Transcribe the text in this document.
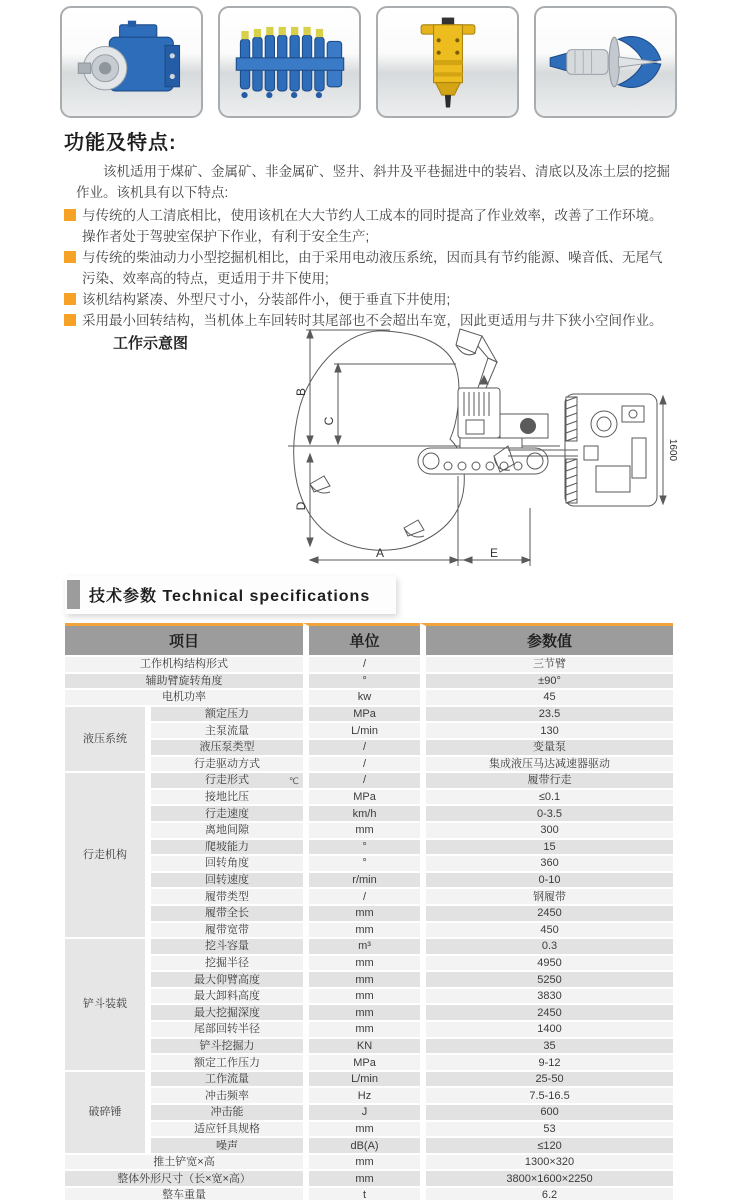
功能及特点:

该机适用于煤矿、金属矿、非金属矿、竖井、斜井及平巷掘进中的装岩、清底以及冻土层的挖掘作业。该机具有以下特点:

与传统的人工清底相比，使用该机在大大节约人工成本的同时提高了作业效率，改善了工作环境。操作者处于驾驶室保护下作业，有利于安全生产;
与传统的柴油动力小型挖掘机相比，由于采用电动液压系统，因而具有节约能源、噪音低、无尾气污染、效率高的特点，更适用于井下使用;
该机结构紧凑、外型尺寸小，分装部件小，便于垂直下井使用;
采用最小回转结构，当机体上车回转时其尾部也不会超出车宽，因此更适用与井下狭小空间作业。
工作示意图
B
C
D
A	E
1600
技术参数 Technical specifications
项目		单位	参数值
工作机构结构形式		/	三节臂
辅助臂旋转角度		°	±90°
电机功率		kw	45
液压系统	额定压力	MPa	23.5
	主泵流量	L/min	130
	液压泵类型	/	变量泵
	行走驱动方式	/	集成液压马达减速器驱动
行走机构	行走形式 ℃	/	履带行走
	接地比压	MPa	≤0.1
	行走速度	km/h	0-3.5
	离地间隙	mm	300
	爬坡能力	°	15
	回转角度	°	360
	回转速度	r/min	0-10
	履带类型	/	钢履带
	履带全长	mm	2450
	履带宽带	mm	450
铲斗装载	挖斗容量	m³	0.3
	挖掘半径	mm	4950
	最大仰臂高度	mm	5250
	最大卸料高度	mm	3830
	最大挖掘深度	mm	2450
	尾部回转半径	mm	1400
	铲斗挖掘力	KN	35
	额定工作压力	MPa	9-12
破碎锤	工作流量	L/min	25-50
	冲击频率	Hz	7.5-16.5
	冲击能	J	600
	适应钎具规格	mm	53
	噪声	dB(A)	≤120
推土铲宽×高		mm	1300×320
整体外形尺寸（长×宽×高）		mm	3800×1600×2250
整车重量		t	6.2
